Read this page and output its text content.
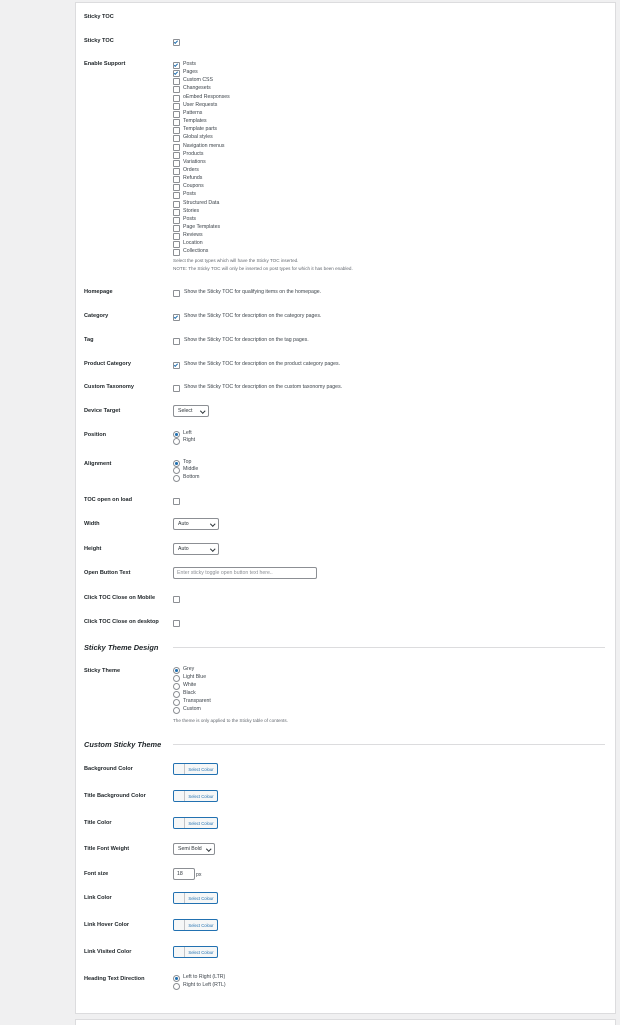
Sticky TOC
Sticky TOC
Enable Support	Posts
Pages
Custom CSS
Changesets
oEmbed Responses
User Requests
Patterns
Templates
Template parts
Global styles
Navigation menus
Products
Variations
Orders
Refunds
Coupons
Posts
Structured Data
Stories
Posts
Page Templates
Reviews
Location
Collections
Select the post types which will have the Sticky TOC inserted.
NOTE: The Sticky TOC will only be inserted on post types for which it has been enabled.
Homepage	Show the Sticky TOC for qualifying items on the homepage.
Category	Show the Sticky TOC for description on the category pages.
Tag	Show the Sticky TOC for description on the tag pages.
Product Category	Show the Sticky TOC for description on the product category pages.
Custom Taxonomy	Show the Sticky TOC for description on the custom taxonomy pages.
Device Target	Select
Position	Left
Right
Alignment	Top
Middle
Bottom
TOC open on load
Width	Auto
Height	Auto
Open Button Text	Enter sticky toggle open button text here..
Click TOC Close on Mobile
Click TOC Close on desktop
Sticky Theme Design
Sticky Theme	Grey
Light Blue
White
Black
Transparent
Custom
The theme is only applied to the Sticky table of contents.
Custom Sticky Theme
Background Color	Select Colour
Title Background Color	Select Colour
Title Color	Select Colour
Title Font Weight	Semi Bold
Font size	18	px
Link Color	Select Colour
Link Hover Color	Select Colour
Link Visited Color	Select Colour
Heading Text Direction	Left to Right (LTR)
Right to Left (RTL)
